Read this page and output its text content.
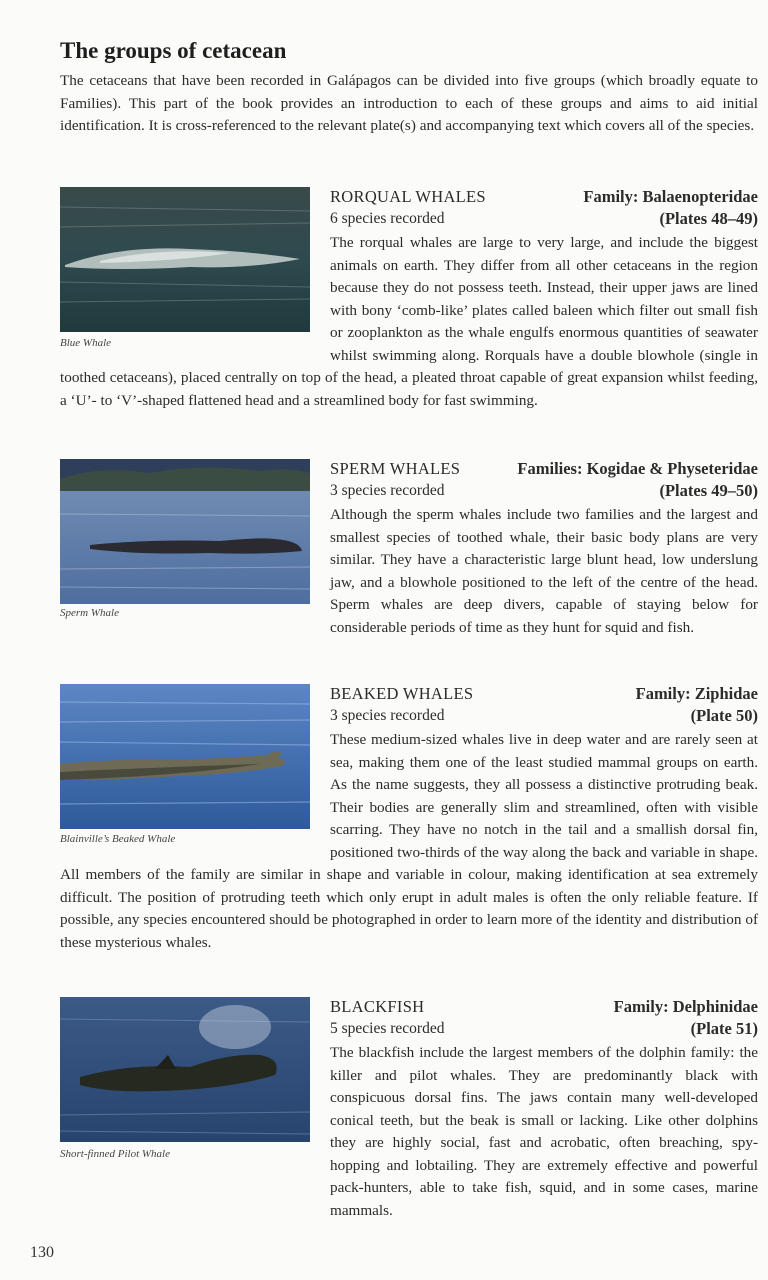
The groups of cetacean

The cetaceans that have been recorded in Galápagos can be divided into five groups (which broadly equate to Families). This part of the book provides an introduction to each of these groups and aims to aid initial identification. It is cross-referenced to the relevant plate(s) and accompanying text which covers all of the species.

Blue Whale
RORQUAL WHALES	Family: Balaenopteridae
6 species recorded	(Plates 48–49)

The rorqual whales are large to very large, and include the biggest animals on earth. They differ from all other cetaceans in the region because they do not possess teeth. Instead, their upper jaws are lined with bony ‘comb-like’ plates called baleen which filter out small fish or zooplankton as the whale engulfs enormous quantities of seawater whilst swimming along. Rorquals have a double blowhole (single in toothed cetaceans), placed centrally on top of the head, a pleated throat capable of great expansion whilst feeding, a ‘U’- to ‘V’-shaped flattened head and a streamlined body for fast swimming.

Sperm Whale
SPERM WHALES	Families: Kogidae & Physeteridae
3 species recorded	(Plates 49–50)

Although the sperm whales include two families and the largest and smallest species of toothed whale, their basic body plans are very similar. They have a characteristic large blunt head, low underslung jaw, and a blowhole positioned to the left of the centre of the head. Sperm whales are deep divers, capable of staying below for considerable periods of time as they hunt for squid and fish.

Blainville’s Beaked Whale
BEAKED WHALES	Family: Ziphidae
3 species recorded	(Plate 50)

These medium-sized whales live in deep water and are rarely seen at sea, making them one of the least studied mammal groups on earth. As the name suggests, they all possess a distinctive protruding beak. Their bodies are generally slim and streamlined, often with visible scarring. They have no notch in the tail and a smallish dorsal fin, positioned two-thirds of the way along the back and variable in shape. All members of the family are similar in shape and variable in colour, making identification at sea extremely difficult. The position of protruding teeth which only erupt in adult males is often the only reliable feature. If possible, any species encountered should be photographed in order to learn more of the identity and distribution of these mysterious whales.

Short-finned Pilot Whale
BLACKFISH	Family: Delphinidae
5 species recorded	(Plate 51)

The blackfish include the largest members of the dolphin family: the killer and pilot whales. They are predominantly black with conspicuous dorsal fins. The jaws contain many well-developed conical teeth, but the beak is small or lacking. Like other dolphins they are highly social, fast and acrobatic, often breaching, spy-hopping and lobtailing. They are extremely effective and powerful pack-hunters, able to take fish, squid, and in some cases, marine mammals.

130
